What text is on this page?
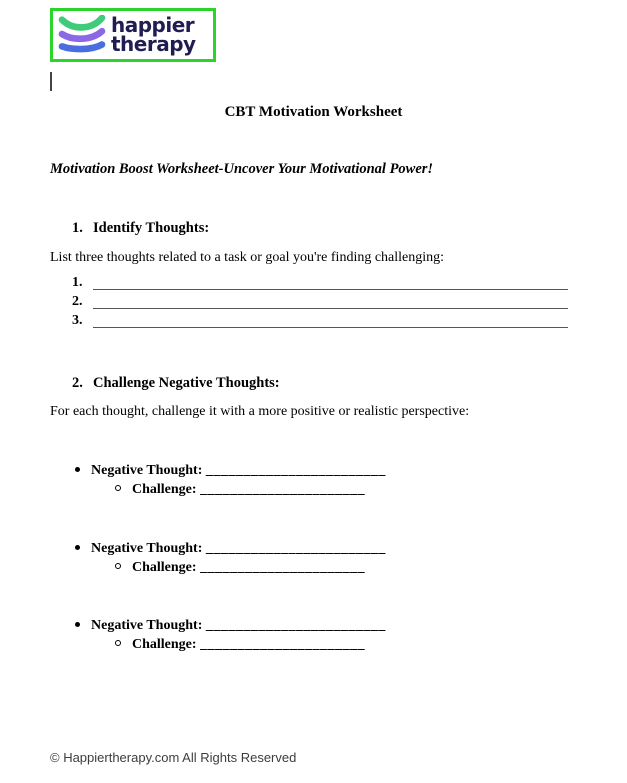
happier
therapy
CBT Motivation Worksheet
Motivation Boost Worksheet-Uncover Your Motivational Power!
1. Identify Thoughts:
List three thoughts related to a task or goal you're finding challenging:
1.
2.
3.
2. Challenge Negative Thoughts:
For each thought, challenge it with a more positive or realistic perspective:
Negative Thought: ________________________
Challenge: ______________________
Negative Thought: ________________________
Challenge: ______________________
Negative Thought: ________________________
Challenge: ______________________
© Happiertherapy.com All Rights Reserved
